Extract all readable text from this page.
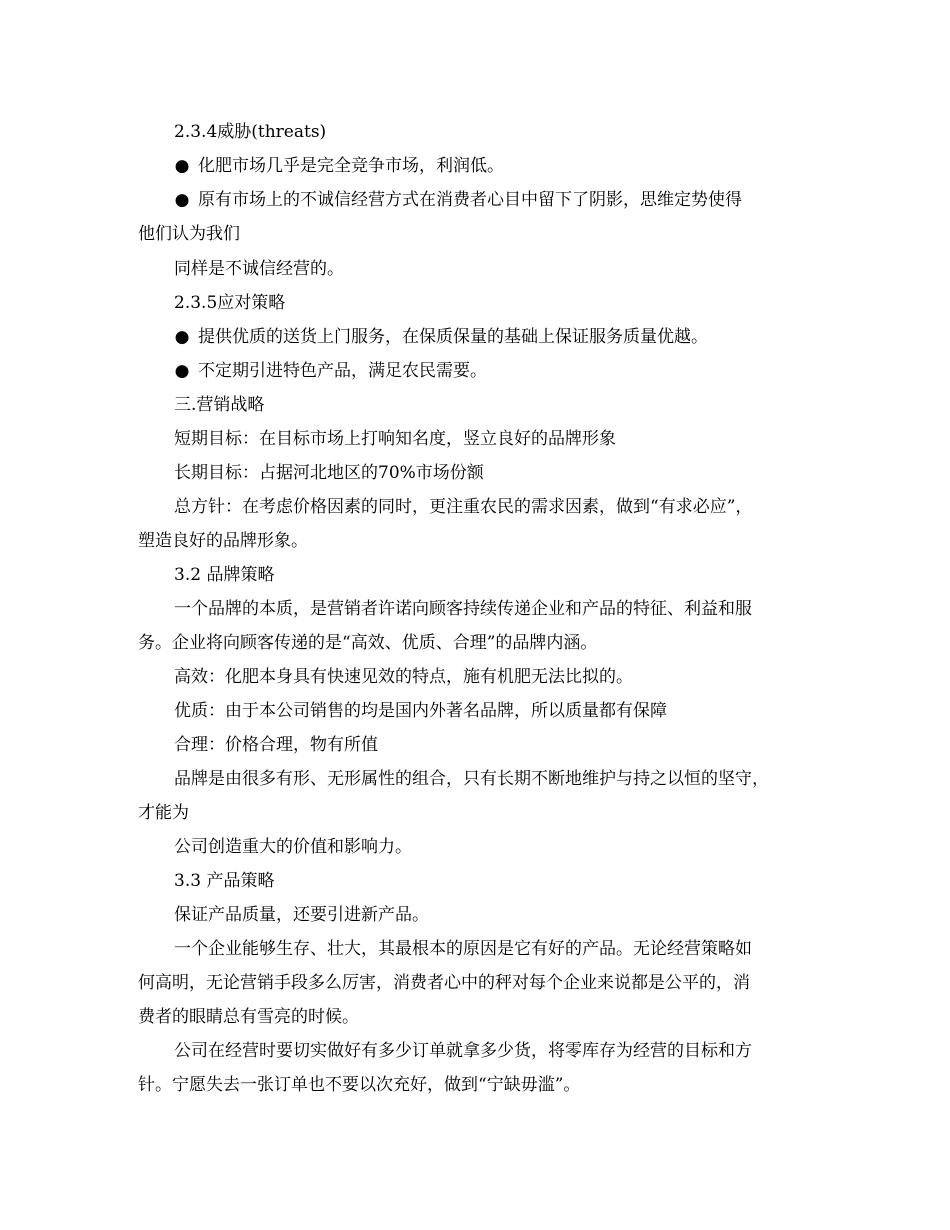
2.3.4威胁(threats)
● 化肥市场几乎是完全竞争市场，利润低。
● 原有市场上的不诚信经营方式在消费者心目中留下了阴影，思维定势使得
他们认为我们
同样是不诚信经营的。
2.3.5应对策略
● 提供优质的送货上门服务，在保质保量的基础上保证服务质量优越。
● 不定期引进特色产品，满足农民需要。
三.营销战略
短期目标：在目标市场上打响知名度，竖立良好的品牌形象
长期目标：占据河北地区的70%市场份额
总方针：在考虑价格因素的同时，更注重农民的需求因素，做到“有求必应”，
塑造良好的品牌形象。
3.2 品牌策略
一个品牌的本质，是营销者许诺向顾客持续传递企业和产品的特征、利益和服
务。企业将向顾客传递的是“高效、优质、合理”的品牌内涵。
高效：化肥本身具有快速见效的特点，施有机肥无法比拟的。
优质：由于本公司销售的均是国内外著名品牌，所以质量都有保障
合理：价格合理，物有所值
品牌是由很多有形、无形属性的组合，只有长期不断地维护与持之以恒的坚守，
才能为
公司创造重大的价值和影响力。
3.3 产品策略
保证产品质量，还要引进新产品。
一个企业能够生存、壮大，其最根本的原因是它有好的产品。无论经营策略如
何高明，无论营销手段多么厉害，消费者心中的秤对每个企业来说都是公平的，消
费者的眼睛总有雪亮的时候。
公司在经营时要切实做好有多少订单就拿多少货，将零库存为经营的目标和方
针。宁愿失去一张订单也不要以次充好，做到“宁缺毋滥”。
